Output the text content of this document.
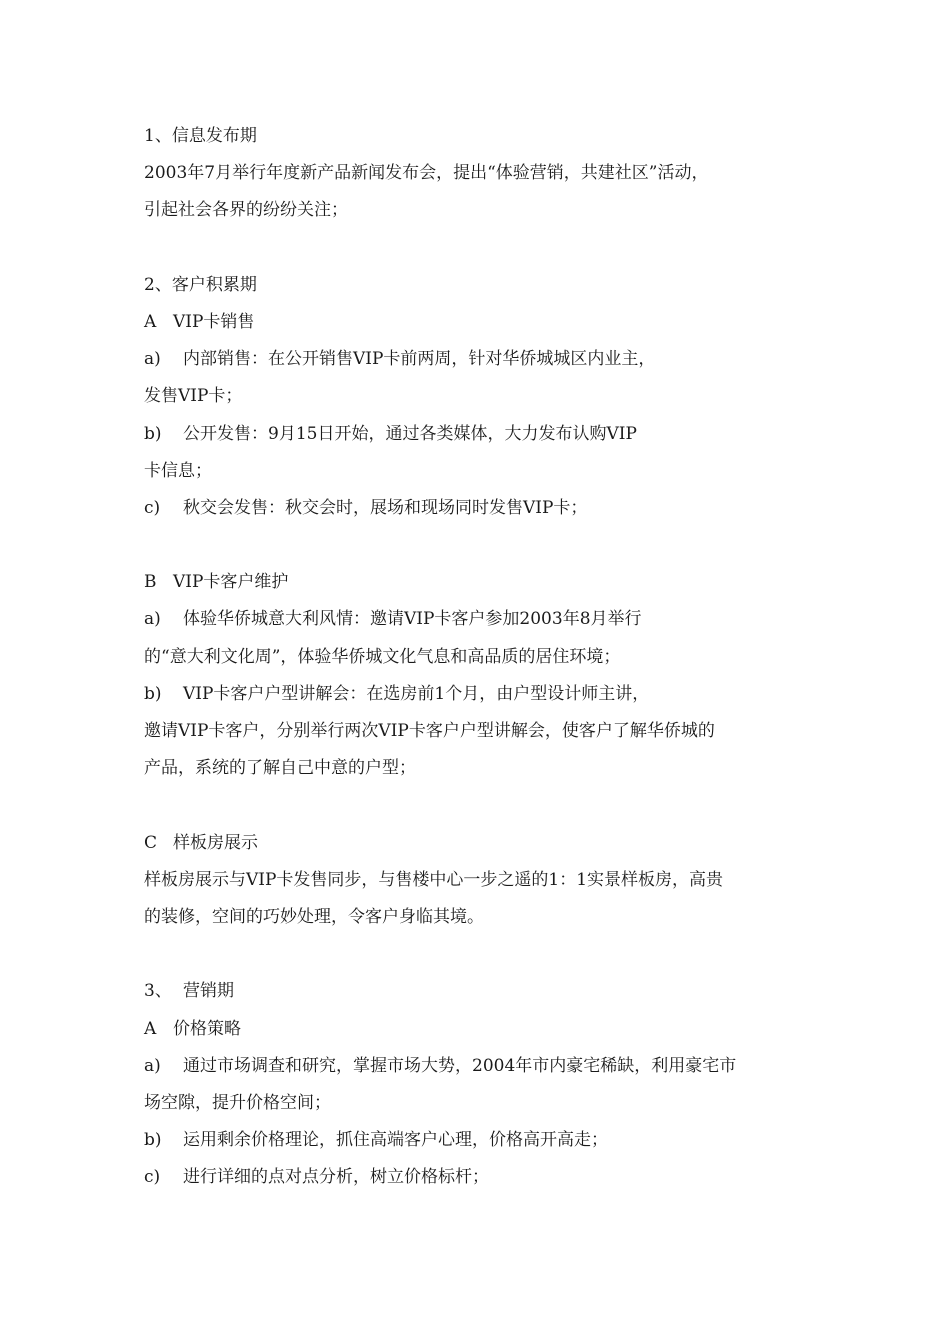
1、信息发布期
2003年7月举行年度新产品新闻发布会，提出“体验营销，共建社区”活动，
引起社会各界的纷纷关注；
2、客户积累期
A VIP卡销售
a)	内部销售：在公开销售VIP卡前两周，针对华侨城城区内业主，
发售VIP卡；
b)	公开发售：9月15日开始，通过各类媒体，大力发布认购VIP
卡信息；
c)	秋交会发售：秋交会时，展场和现场同时发售VIP卡；
B VIP卡客户维护
a)	体验华侨城意大利风情：邀请VIP卡客户参加2003年8月举行
的“意大利文化周”，体验华侨城文化气息和高品质的居住环境；
b)	VIP卡客户户型讲解会：在选房前1个月，由户型设计师主讲，
邀请VIP卡客户，分别举行两次VIP卡客户户型讲解会，使客户了解华侨城的
产品，系统的了解自己中意的户型；
C 样板房展示
样板房展示与VIP卡发售同步，与售楼中心一步之遥的1：1实景样板房，高贵
的装修，空间的巧妙处理，令客户身临其境。
3、 营销期
A 价格策略
a)	通过市场调查和研究，掌握市场大势，2004年市内豪宅稀缺，利用豪宅市
场空隙，提升价格空间；
b)	运用剩余价格理论，抓住高端客户心理，价格高开高走；
c)	进行详细的点对点分析，树立价格标杆；
